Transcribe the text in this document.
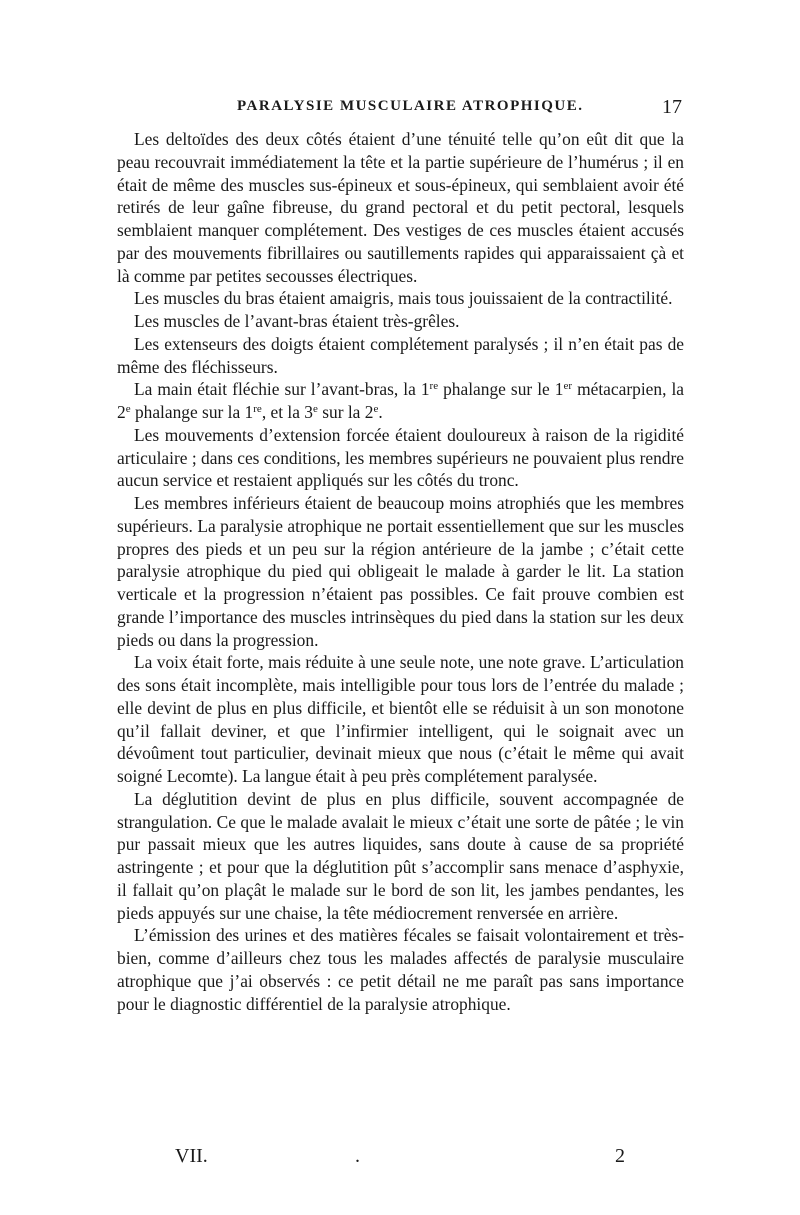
PARALYSIE MUSCULAIRE ATROPHIQUE.	17

Les deltoïdes des deux côtés étaient d’une ténuité telle qu’on eût dit que la peau recouvrait immédiatement la tête et la partie supérieure de l’humérus ; il en était de même des muscles sus-épineux et sous-épineux, qui semblaient avoir été retirés de leur gaîne fibreuse, du grand pectoral et du petit pectoral, lesquels semblaient manquer complétement. Des vestiges de ces muscles étaient accusés par des mouvements fibrillaires ou sautillements rapides qui apparaissaient çà et là comme par petites secousses électriques.

Les muscles du bras étaient amaigris, mais tous jouissaient de la contractilité.

Les muscles de l’avant-bras étaient très-grêles.

Les extenseurs des doigts étaient complétement paralysés ; il n’en était pas de même des fléchisseurs.

La main était fléchie sur l’avant-bras, la 1re phalange sur le 1er métacarpien, la 2e phalange sur la 1re, et la 3e sur la 2e.

Les mouvements d’extension forcée étaient douloureux à raison de la rigidité articulaire ; dans ces conditions, les membres supérieurs ne pouvaient plus rendre aucun service et restaient appliqués sur les côtés du tronc.

Les membres inférieurs étaient de beaucoup moins atrophiés que les membres supérieurs. La paralysie atrophique ne portait essentiellement que sur les muscles propres des pieds et un peu sur la région antérieure de la jambe ; c’était cette paralysie atrophique du pied qui obligeait le malade à garder le lit. La station verticale et la progression n’étaient pas possibles. Ce fait prouve combien est grande l’importance des muscles intrinsèques du pied dans la station sur les deux pieds ou dans la progression.

La voix était forte, mais réduite à une seule note, une note grave. L’articulation des sons était incomplète, mais intelligible pour tous lors de l’entrée du malade ; elle devint de plus en plus difficile, et bientôt elle se réduisit à un son monotone qu’il fallait deviner, et que l’infirmier intelligent, qui le soignait avec un dévoûment tout particulier, devinait mieux que nous (c’était le même qui avait soigné Lecomte). La langue était à peu près complétement paralysée.

La déglutition devint de plus en plus difficile, souvent accompagnée de strangulation. Ce que le malade avalait le mieux c’était une sorte de pâtée ; le vin pur passait mieux que les autres liquides, sans doute à cause de sa propriété astringente ; et pour que la déglutition pût s’accomplir sans menace d’asphyxie, il fallait qu’on plaçât le malade sur le bord de son lit, les jambes pendantes, les pieds appuyés sur une chaise, la tête médiocrement renversée en arrière.

L’émission des urines et des matières fécales se faisait volontairement et très-bien, comme d’ailleurs chez tous les malades affectés de paralysie musculaire atrophique que j’ai observés : ce petit détail ne me paraît pas sans importance pour le diagnostic différentiel de la paralysie atrophique.

VII.	.	2
